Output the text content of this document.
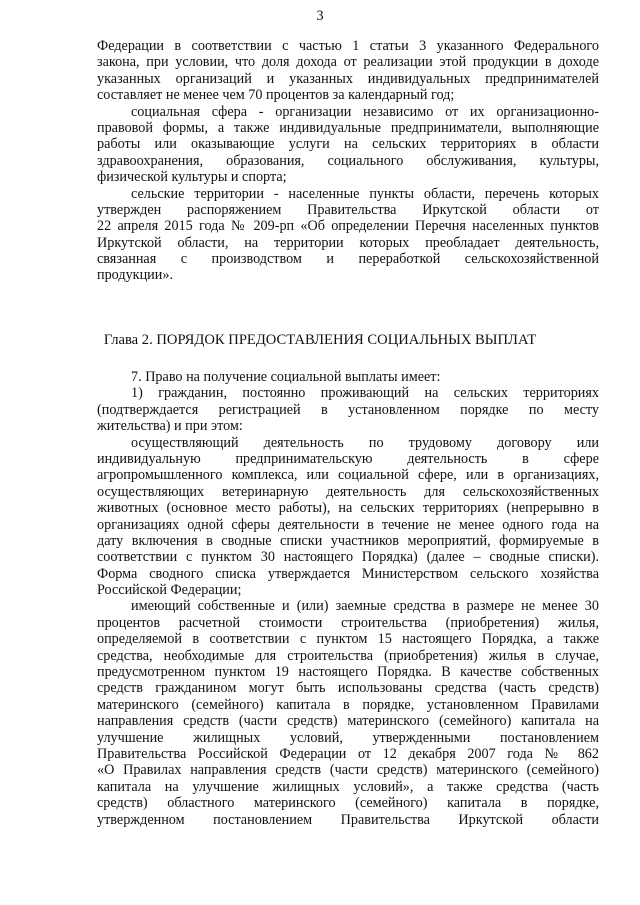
3
Федерации в соответствии с частью 1 статьи 3 указанного Федерального
закона, при условии, что доля дохода от реализации этой продукции в доходе
указанных организаций и указанных индивидуальных предпринимателей
составляет не менее чем 70 процентов за календарный год;
социальная сфера - организации независимо от их организационно-
правовой формы, а также индивидуальные предприниматели, выполняющие
работы или оказывающие услуги на сельских территориях в области
здравоохранения, образования, социального обслуживания, культуры,
физической культуры и спорта;
сельские территории - населенные пункты области, перечень которых
утвержден распоряжением Правительства Иркутской области от
22 апреля 2015 года № 209-рп «Об определении Перечня населенных пунктов
Иркутской области, на территории которых преобладает деятельность,
связанная с производством и переработкой сельскохозяйственной
продукции».
Глава 2. ПОРЯДОК ПРЕДОСТАВЛЕНИЯ СОЦИАЛЬНЫХ ВЫПЛАТ
7. Право на получение социальной выплаты имеет:
1) гражданин, постоянно проживающий на сельских территориях
(подтверждается регистрацией в установленном порядке по месту
жительства) и при этом:
осуществляющий деятельность по трудовому договору или
индивидуальную предпринимательскую деятельность в сфере
агропромышленного комплекса, или социальной сфере, или в организациях,
осуществляющих ветеринарную деятельность для сельскохозяйственных
животных (основное место работы), на сельских территориях (непрерывно в
организациях одной сферы деятельности в течение не менее одного года на
дату включения в сводные списки участников мероприятий, формируемые в
соответствии с пунктом 30 настоящего Порядка) (далее – сводные списки).
Форма сводного списка утверждается Министерством сельского хозяйства
Российской Федерации;
имеющий собственные и (или) заемные средства в размере не менее 30
процентов расчетной стоимости строительства (приобретения) жилья,
определяемой в соответствии с пунктом 15 настоящего Порядка, а также
средства, необходимые для строительства (приобретения) жилья в случае,
предусмотренном пунктом 19 настоящего Порядка. В качестве собственных
средств гражданином могут быть использованы средства (часть средств)
материнского (семейного) капитала в порядке, установленном Правилами
направления средств (части средств) материнского (семейного) капитала на
улучшение жилищных условий, утвержденными постановлением
Правительства Российской Федерации от 12 декабря 2007 года № 862
«О Правилах направления средств (части средств) материнского (семейного)
капитала на улучшение жилищных условий», а также средства (часть
средств) областного материнского (семейного) капитала в порядке,
утвержденном постановлением Правительства Иркутской области
